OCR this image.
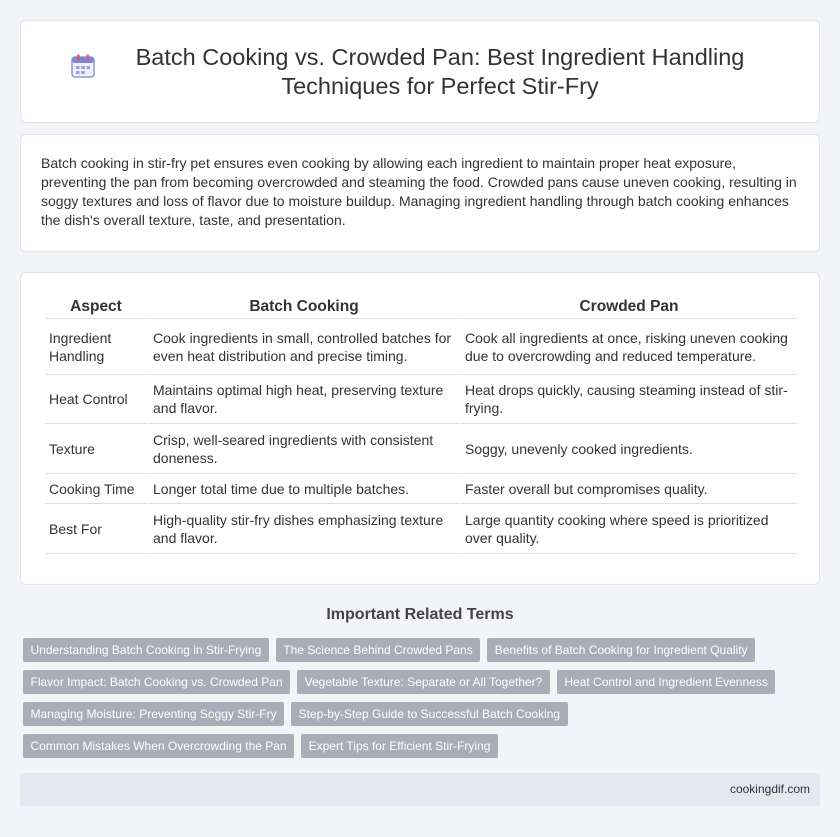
Batch Cooking vs. Crowded Pan: Best Ingredient Handling Techniques for Perfect Stir-Fry

Batch cooking in stir-fry pet ensures even cooking by allowing each ingredient to maintain proper heat exposure, preventing the pan from becoming overcrowded and steaming the food. Crowded pans cause uneven cooking, resulting in soggy textures and loss of flavor due to moisture buildup. Managing ingredient handling through batch cooking enhances the dish's overall texture, taste, and presentation.

Aspect	Batch Cooking	Crowded Pan
Ingredient Handling	Cook ingredients in small, controlled batches for even heat distribution and precise timing.	Cook all ingredients at once, risking uneven cooking due to overcrowding and reduced temperature.
Heat Control	Maintains optimal high heat, preserving texture and flavor.	Heat drops quickly, causing steaming instead of stir-frying.
Texture	Crisp, well-seared ingredients with consistent doneness.	Soggy, unevenly cooked ingredients.
Cooking Time	Longer total time due to multiple batches.	Faster overall but compromises quality.
Best For	High-quality stir-fry dishes emphasizing texture and flavor.	Large quantity cooking where speed is prioritized over quality.
Important Related Terms
Understanding Batch Cooking in Stir-Frying	The Science Behind Crowded Pans	Benefits of Batch Cooking for Ingredient Quality
Flavor Impact: Batch Cooking vs. Crowded Pan	Vegetable Texture: Separate or All Together?	Heat Control and Ingredient Evenness
Managing Moisture: Preventing Soggy Stir-Fry	Step-by-Step Guide to Successful Batch Cooking
Common Mistakes When Overcrowding the Pan	Expert Tips for Efficient Stir-Frying
cookingdif.com
